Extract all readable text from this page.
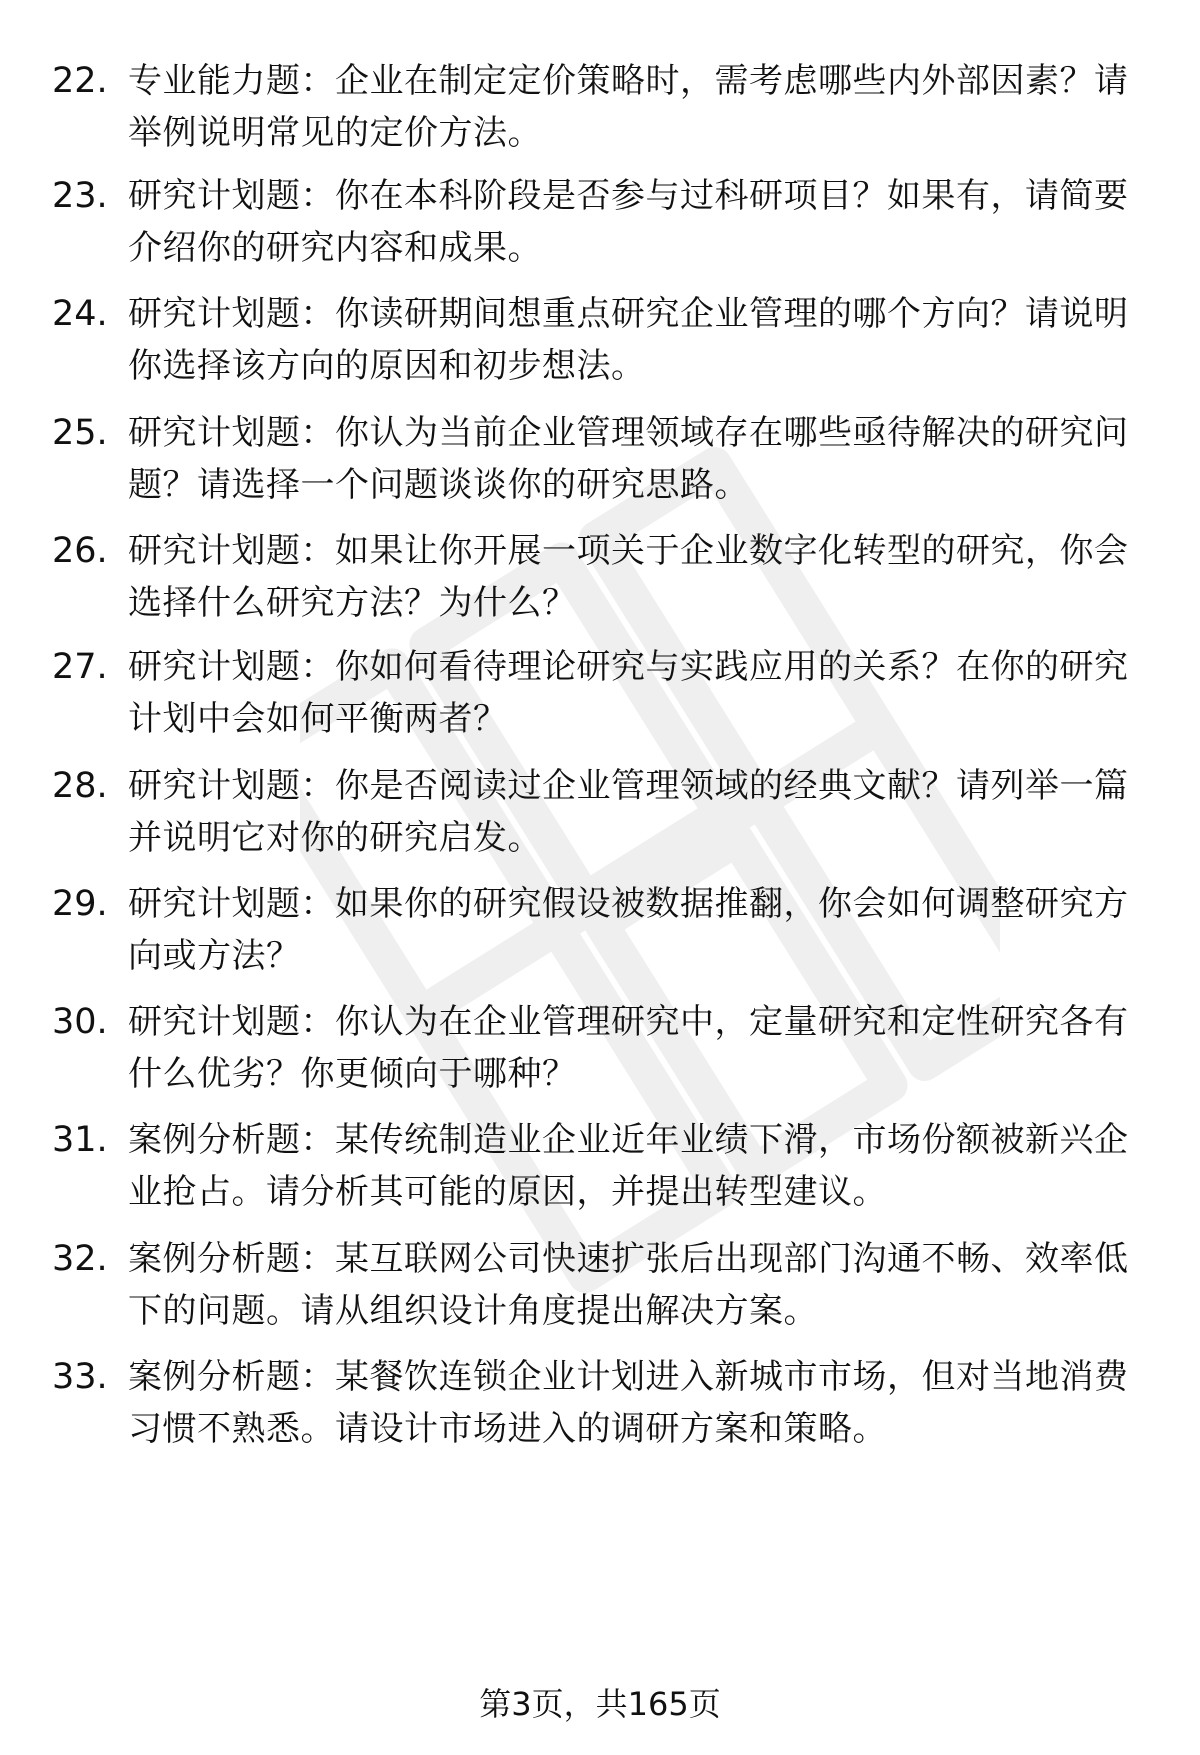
22. 专业能力题：企业在制定定价策略时，需考虑哪些内外部因素？请举例说明常见的定价方法。
23. 研究计划题：你在本科阶段是否参与过科研项目？如果有，请简要介绍你的研究内容和成果。
24. 研究计划题：你读研期间想重点研究企业管理的哪个方向？请说明你选择该方向的原因和初步想法。
25. 研究计划题：你认为当前企业管理领域存在哪些亟待解决的研究问题？请选择一个问题谈谈你的研究思路。
26. 研究计划题：如果让你开展一项关于企业数字化转型的研究，你会选择什么研究方法？为什么？
27. 研究计划题：你如何看待理论研究与实践应用的关系？在你的研究计划中会如何平衡两者？
28. 研究计划题：你是否阅读过企业管理领域的经典文献？请列举一篇并说明它对你的研究启发。
29. 研究计划题：如果你的研究假设被数据推翻，你会如何调整研究方向或方法？
30. 研究计划题：你认为在企业管理研究中，定量研究和定性研究各有什么优劣？你更倾向于哪种？
31. 案例分析题：某传统制造业企业近年业绩下滑，市场份额被新兴企业抢占。请分析其可能的原因，并提出转型建议。
32. 案例分析题：某互联网公司快速扩张后出现部门沟通不畅、效率低下的问题。请从组织设计角度提出解决方案。
33. 案例分析题：某餐饮连锁企业计划进入新城市市场，但对当地消费习惯不熟悉。请设计市场进入的调研方案和策略。
第3页，共165页
